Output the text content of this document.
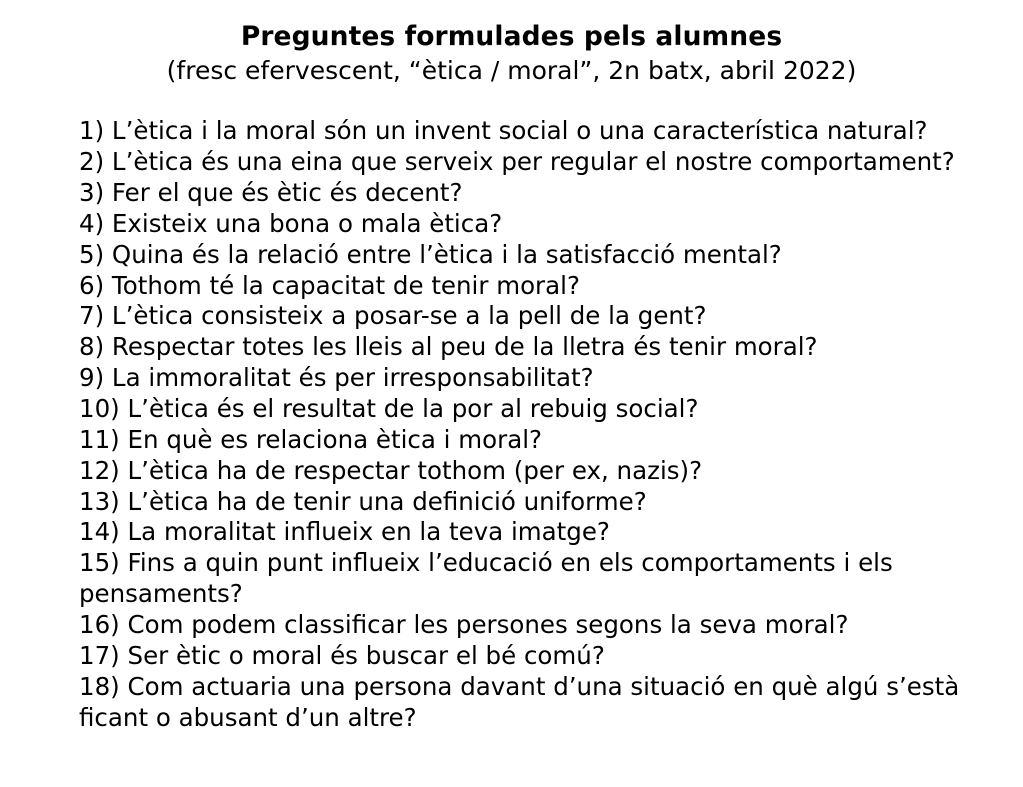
Preguntes formulades pels alumnes
(fresc efervescent, “ètica / moral”, 2n batx, abril 2022)
1) L’ètica i la moral són un invent social o una característica natural?
2) L’ètica és una eina que serveix per regular el nostre comportament?
3) Fer el que és ètic és decent?
4) Existeix una bona o mala ètica?
5) Quina és la relació entre l’ètica i la satisfacció mental?
6) Tothom té la capacitat de tenir moral?
7) L’ètica consisteix a posar-se a la pell de la gent?
8) Respectar totes les lleis al peu de la lletra és tenir moral?
9) La immoralitat és per irresponsabilitat?
10) L’ètica és el resultat de la por al rebuig social?
11) En què es relaciona ètica i moral?
12) L’ètica ha de respectar tothom (per ex, nazis)?
13) L’ètica ha de tenir una definició uniforme?
14) La moralitat influeix en la teva imatge?
15) Fins a quin punt influeix l’educació en els comportaments i els pensaments?
16) Com podem classificar les persones segons la seva moral?
17) Ser ètic o moral és buscar el bé comú?
18) Com actuaria una persona davant d’una situació en què algú s’està ficant o abusant d’un altre?
